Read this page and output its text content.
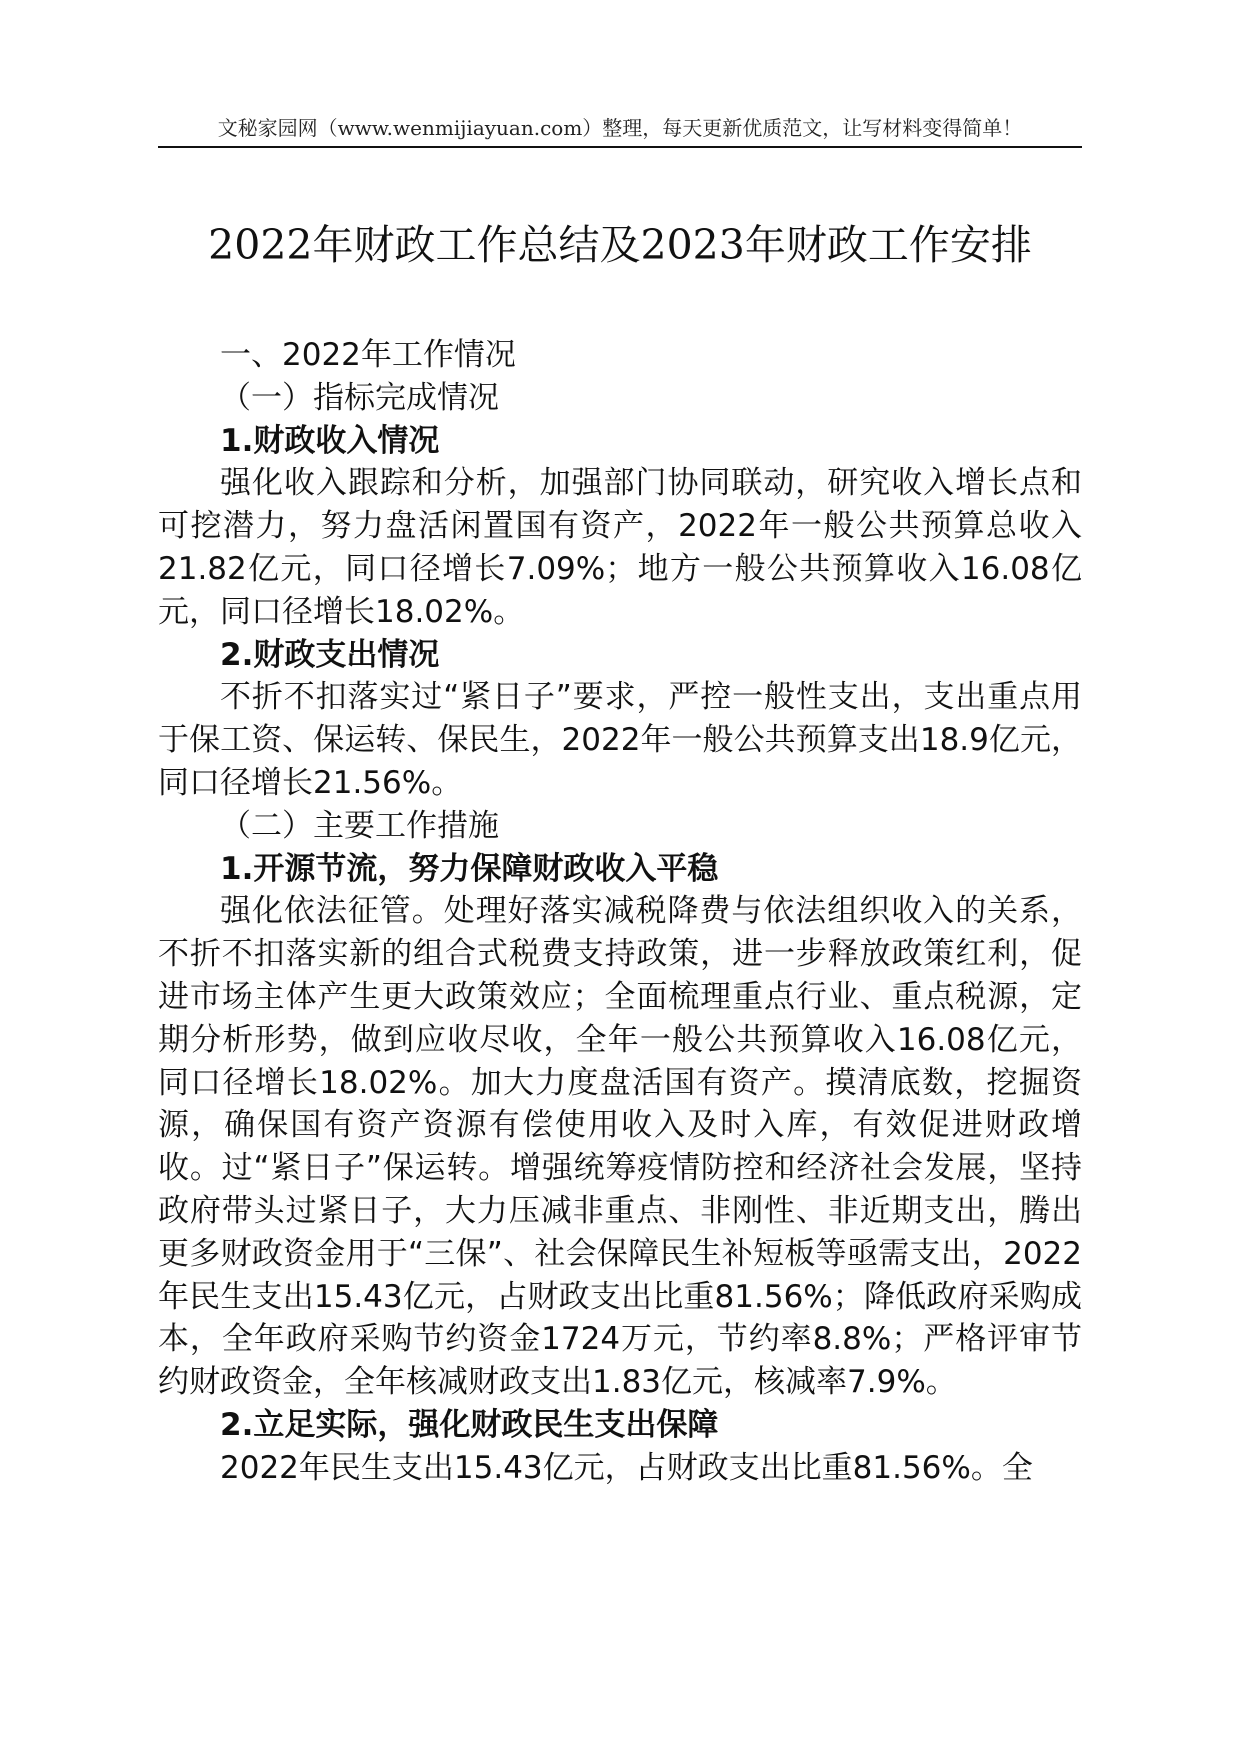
文秘家园网（www.wenmijiayuan.com）整理，每天更新优质范文，让写材料变得简单！
2022年财政工作总结及2023年财政工作安排

一、2022年工作情况

（一）指标完成情况

1.财政收入情况

强化收入跟踪和分析，加强部门协同联动，研究收入增长点和可挖潜力，努力盘活闲置国有资产，2022年一般公共预算总收入21.82亿元，同口径增长7.09%；地方一般公共预算收入16.08亿元，同口径增长18.02%。

2.财政支出情况

不折不扣落实过“紧日子”要求，严控一般性支出，支出重点用于保工资、保运转、保民生，2022年一般公共预算支出18.9亿元，同口径增长21.56%。

（二）主要工作措施

1.开源节流，努力保障财政收入平稳

强化依法征管。处理好落实减税降费与依法组织收入的关系，不折不扣落实新的组合式税费支持政策，进一步释放政策红利，促进市场主体产生更大政策效应；全面梳理重点行业、重点税源，定期分析形势，做到应收尽收，全年一般公共预算收入16.08亿元，同口径增长18.02%。加大力度盘活国有资产。摸清底数，挖掘资源，确保国有资产资源有偿使用收入及时入库，有效促进财政增收。过“紧日子”保运转。增强统筹疫情防控和经济社会发展，坚持政府带头过紧日子，大力压减非重点、非刚性、非近期支出，腾出更多财政资金用于“三保”、社会保障民生补短板等亟需支出，2022年民生支出15.43亿元，占财政支出比重81.56%；降低政府采购成本，全年政府采购节约资金1724万元，节约率8.8%；严格评审节约财政资金，全年核减财政支出1.83亿元，核减率7.9%。

2.立足实际，强化财政民生支出保障

2022年民生支出15.43亿元，占财政支出比重81.56%。全
